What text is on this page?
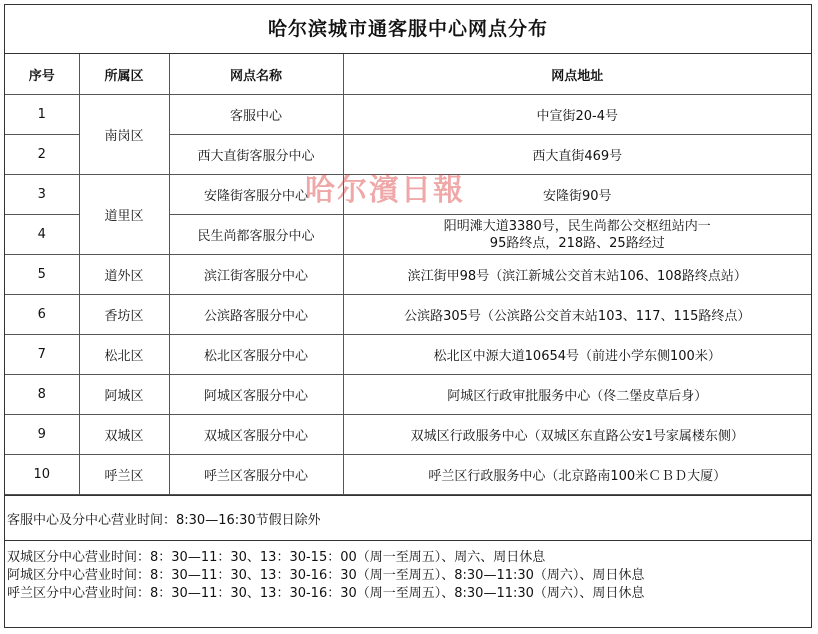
哈尔滨城市通客服中心网点分布
序号	所属区	网点名称	网点地址
1	南岗区	客服中心	中宣街20-4号
2		西大直街客服分中心	西大直街469号
3	道里区	安隆街客服分中心	安隆街90号
4		民生尚都客服分中心	阳明滩大道3380号，民生尚都公交枢纽站内一
95路终点，218路、25路经过

5	道外区	滨江街客服分中心	滨江街甲98号（滨江新城公交首末站106、108路终点站）
6	香坊区	公滨路客服分中心	公滨路305号（公滨路公交首末站103、117、115路终点）
7	松北区	松北区客服分中心	松北区中源大道10654号（前进小学东侧100米）
8	阿城区	阿城区客服分中心	阿城区行政审批服务中心（佟二堡皮草后身）
9	双城区	双城区客服分中心	双城区行政服务中心（双城区东直路公安1号家属楼东侧）
10	呼兰区	呼兰区客服分中心	呼兰区行政服务中心（北京路南100米ＣＢＤ大厦）
客服中心及分中心营业时间：8:30—16:30节假日除外
双城区分中心营业时间：8：30—11：30、13：30-15：00（周一至周五）、周六、周日休息
阿城区分中心营业时间：8：30—11：30、13：30-16：30（周一至周五）、8:30—11:30（周六）、周日休息
呼兰区分中心营业时间：8：30—11：30、13：30-16：30（周一至周五）、8:30—11:30（周六）、周日休息
哈尔濱日報
